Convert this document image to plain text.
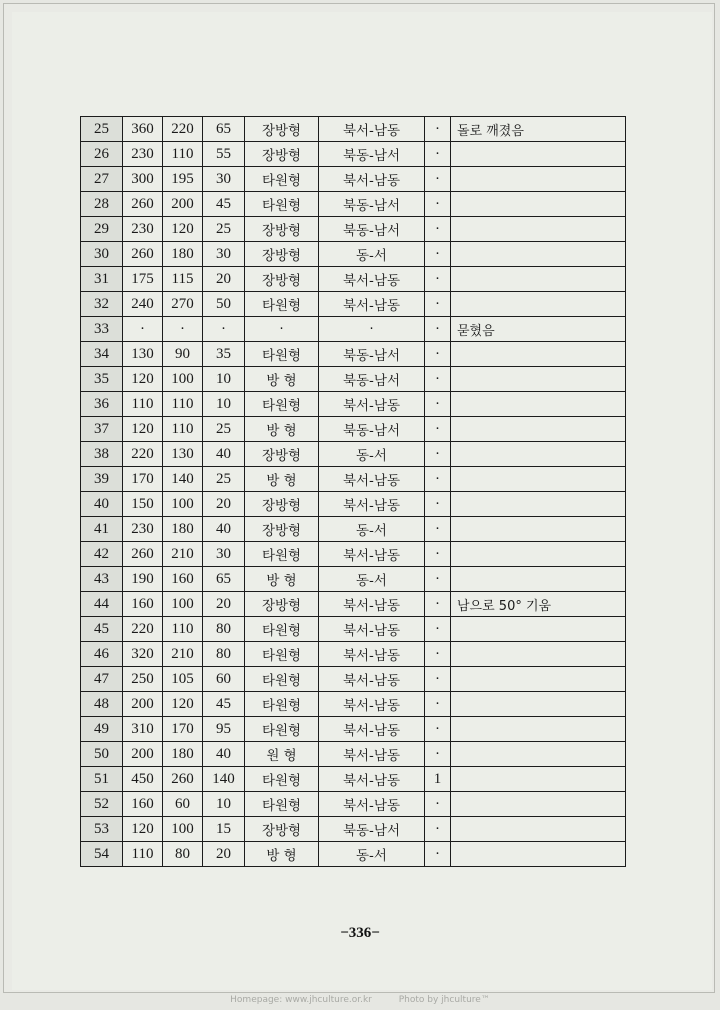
25	360	220	65	장방형	북서-남동	·	돌로 깨졌음
26	230	110	55	장방형	북동-남서	·	
27	300	195	30	타원형	북서-남동	·	
28	260	200	45	타원형	북동-남서	·	
29	230	120	25	장방형	북동-남서	·	
30	260	180	30	장방형	동-서	·	
31	175	115	20	장방형	북서-남동	·	
32	240	270	50	타원형	북서-남동	·	
33	·	·	·	·	·	·	묻혔음
34	130	90	35	타원형	북동-남서	·	
35	120	100	10	방 형	북동-남서	·	
36	110	110	10	타원형	북서-남동	·	
37	120	110	25	방 형	북동-남서	·	
38	220	130	40	장방형	동-서	·	
39	170	140	25	방 형	북서-남동	·	
40	150	100	20	장방형	북서-남동	·	
41	230	180	40	장방형	동-서	·	
42	260	210	30	타원형	북서-남동	·	
43	190	160	65	방 형	동-서	·	
44	160	100	20	장방형	북서-남동	·	남으로 50° 기움
45	220	110	80	타원형	북서-남동	·	
46	320	210	80	타원형	북서-남동	·	
47	250	105	60	타원형	북서-남동	·	
48	200	120	45	타원형	북서-남동	·	
49	310	170	95	타원형	북서-남동	·	
50	200	180	40	원 형	북서-남동	·	
51	450	260	140	타원형	북서-남동	1	
52	160	60	10	타원형	북서-남동	·	
53	120	100	15	장방형	북동-남서	·	
54	110	80	20	방 형	동-서	·	
−336−
Homepage: www.jhculture.or.kr	Photo by jhculture™
